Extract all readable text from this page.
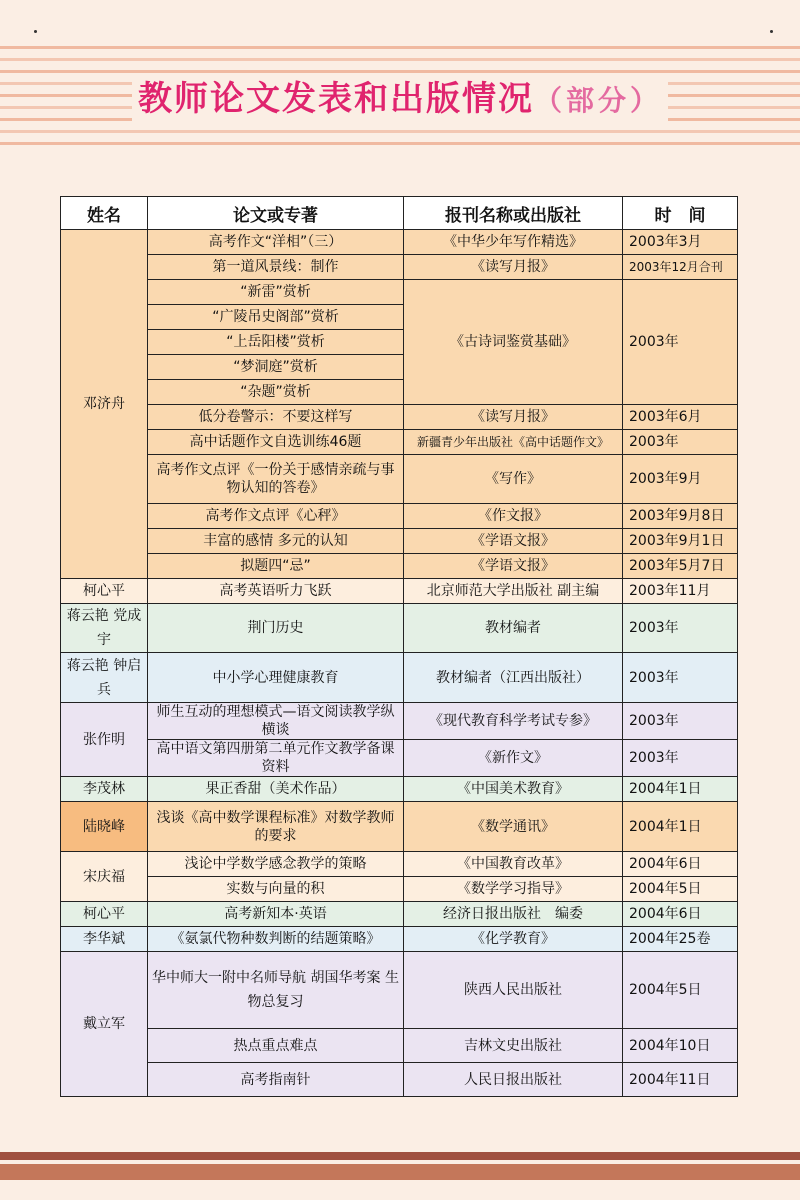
教师论文发表和出版情况（部分）
姓名	论文或专著	报刊名称或出版社	时　间
邓济舟	高考作文“洋相”（三）	《中华少年写作精选》	2003年3月
	第一道风景线：制作	《读写月报》	2003年12月合刊
	“新雷”赏析	《古诗词鉴赏基础》	2003年
	“广陵吊史阁部”赏析		
	“上岳阳楼”赏析		
	“梦洞庭”赏析		
	“杂题”赏析		
	低分卷警示：不要这样写	《读写月报》	2003年6月
	高中话题作文自选训练46题	新疆青少年出版社《高中话题作文》	2003年
	高考作文点评《一份关于感情亲疏与事物认知的答卷》	《写作》	2003年9月
	高考作文点评《心秤》	《作文报》	2003年9月8日
	丰富的感情 多元的认知	《学语文报》	2003年9月1日
	拟题四“忌”	《学语文报》	2003年5月7日
柯心平	高考英语听力飞跃	北京师范大学出版社 副主编	2003年11月
蒋云艳 党成宇	荆门历史	教材编者	2003年
蒋云艳 钟启兵	中小学心理健康教育	教材编者（江西出版社）	2003年
张作明	师生互动的理想模式—语文阅读教学纵横谈	《现代教育科学考试专参》	2003年
	高中语文第四册第二单元作文教学备课资料	《新作文》	2003年
李茂林	果正香甜（美术作品）	《中国美术教育》	2004年1日
陆晓峰	浅谈《高中数学课程标准》对数学教师的要求	《数学通讯》	2004年1日
宋庆福	浅论中学数学感念教学的策略	《中国教育改革》	2004年6日
	实数与向量的积	《数学学习指导》	2004年5日
柯心平	高考新知本·英语	经济日报出版社　编委	2004年6日
李华斌	《氨氯代物种数判断的结题策略》	《化学教育》	2004年25卷
戴立军	华中师大一附中名师导航 胡国华考案 生物总复习	陕西人民出版社	2004年5日
	热点重点难点	吉林文史出版社	2004年10日
	高考指南针	人民日报出版社	2004年11日
